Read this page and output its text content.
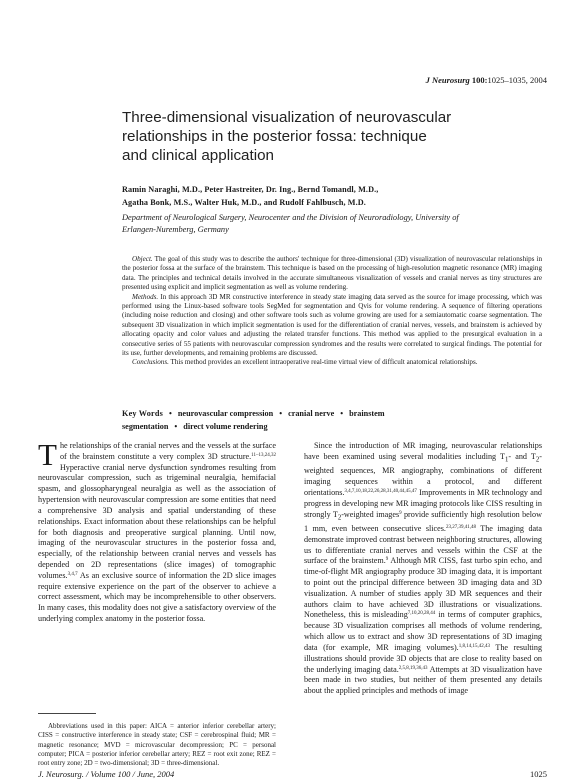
J Neurosurg 100:1025–1035, 2004
Three-dimensional visualization of neurovascular
relationships in the posterior fossa: technique
and clinical application
Ramin Naraghi, M.D., Peter Hastreiter, Dr. Ing., Bernd Tomandl, M.D.,
Agatha Bonk, M.S., Walter Huk, M.D., and Rudolf Fahlbusch, M.D.
Department of Neurological Surgery, Neurocenter and the Division of Neuroradiology, University of
Erlangen-Nuremberg, Germany

Object. The goal of this study was to describe the authors' technique for three-dimensional (3D) visualization of neurovascular relationships in the posterior fossa at the surface of the brainstem. This technique is based on the processing of high-resolution magnetic resonance (MR) imaging data. The principles and technical details involved in the accurate simultaneous visualization of vessels and cranial nerves as tiny structures are presented using explicit and implicit segmentation as well as volume rendering.

Methods. In this approach 3D MR constructive interference in steady state imaging data served as the source for image processing, which was performed using the Linux-based software tools SegMed for segmentation and Qvis for volume rendering. A sequence of filtering operations (including noise reduction and closing) and other software tools such as volume growing are used for a semiautomatic coarse segmentation. The subsequent 3D visualization in which implicit segmentation is used for the differentiation of cranial nerves, vessels, and brainstem is achieved by allocating opacity and color values and adjusting the related transfer functions. This method was applied to the presurgical evaluation in a consecutive series of 55 patients with neurovascular compression syndromes and the results were correlated to surgical findings. The potential for its use, further developments, and remaining problems are discussed.

Conclusions. This method provides an excellent intraoperative real-time virtual view of difficult anatomical relationships.

Key Words • neurovascular compression • cranial nerve • brainstem
segmentation • direct volume rendering

The relationships of the cranial nerves and the vessels at the surface of the brainstem constitute a very complex 3D structure.$^{11-13,24,32}$ Hyperactive cranial nerve dysfunction syndromes resulting from neurovascular compression, such as trigeminal neuralgia, hemifacial spasm, and glossopharyngeal neuralgia as well as the association of hypertension with neurovascular compression are some entities that need a comprehensive 3D analysis and spatial understanding of these relationships. Exact information about these relationships can be helpful for both diagnosis and preoperative surgical planning. Until now, imaging of the neurovascular structures in the posterior fossa and, especially, of the relationship between cranial nerves and vessels has depended on 2D representations (slice images) of tomographic volumes.$^{3,4,7}$ As an exclusive source of information the 2D slice images require extensive experience on the part of the observer to achieve a correct assessment, which may be incomprehensible to other observers. In many cases, this modality does not give a satisfactory overview of the underlying complex anatomy in the posterior fossa.

Abbreviations used in this paper: AICA = anterior inferior cerebellar artery; CISS = constructive interference in steady state; CSF = cerebrospinal fluid; MR = magnetic resonance; MVD = microvascular decompression; PC = personal computer; PICA = posterior inferior cerebellar artery; REZ = root exit zone; REZ = root entry zone; 2D = two-dimensional; 3D = three-dimensional.

Since the introduction of MR imaging, neurovascular relationships have been examined using several modalities including $T_1-$ and $T_2$-weighted sequences, MR angiography, combinations of different imaging sequences within a protocol, and different orientations.$^{3,4,7,10,18,22,26,28,31,40,44,45,47}$ Improvements in MR technology and progress in developing new MR imaging protocols like CISS resulting in strongly $T_2$-weighted images$^9$ provide sufficiently high resolution below 1 mm, even between consecutive slices.$^{23,27,39,41,48}$ The imaging data demonstrate improved contrast between neighboring structures, allowing us to differentiate cranial nerves and vessels within the CSF at the surface of the brainstem.$^9$ Although MR CISS, fast turbo spin echo, and time-of-flight MR angiography produce 3D imaging data, it is important to point out the principal difference between 3D imaging data and 3D visualization. A number of studies apply 3D MR sequences and their authors claim to have achieved 3D illustrations or visualizations. Nonetheless, this is misleading$^{7,10,20,28,44}$ in terms of computer graphics, because 3D visualization comprises all methods of volume rendering, which allow us to extract and show 3D representations of 3D imaging data (for example, MR imaging volumes).$^{1,8,14,15,42,43}$ The resulting illustrations should provide 3D objects that are close to reality based on the underlying imaging data.$^{2,5,8,19,36,43}$ Attempts at 3D visualization have been made in two studies, but neither of them presented any details about the applied principles and methods of image

J. Neurosurg. / Volume 100 / June, 2004	1025
